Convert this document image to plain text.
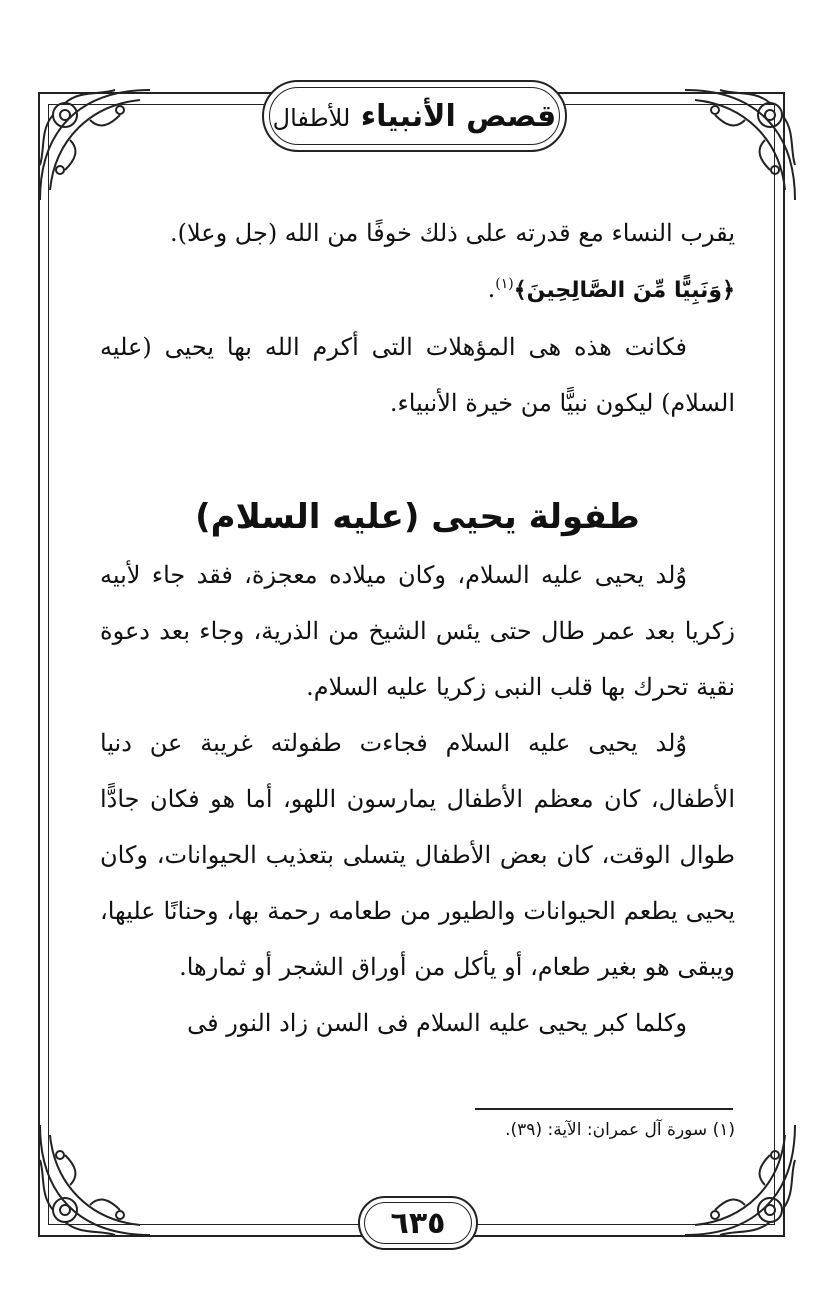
قصص الأنبياء للأطفال

يقرب النساء مع قدرته على ذلك خوفًا من الله (جل وعلا).

﴿وَنَبِيًّا مِّنَ الصَّالِحِينَ﴾$^{(١)}$.

فكانت هذه هى المؤهلات التى أكرم الله بها يحيى (عليه السلام) ليكون نبيًّا من خيرة الأنبياء.

طفولة يحيى (عليه السلام)

وُلد يحيى عليه السلام، وكان ميلاده معجزة، فقد جاء لأبيه زكريا بعد عمر طال حتى يئس الشيخ من الذرية، وجاء بعد دعوة نقية تحرك بها قلب النبى زكريا عليه السلام.

وُلد يحيى عليه السلام فجاءت طفولته غريبة عن دنيا الأطفال، كان معظم الأطفال يمارسون اللهو، أما هو فكان جادًّا طوال الوقت، كان بعض الأطفال يتسلى بتعذيب الحيوانات، وكان يحيى يطعم الحيوانات والطيور من طعامه رحمة بها، وحنانًا عليها، ويبقى هو بغير طعام، أو يأكل من أوراق الشجر أو ثمارها.

وكلما كبر يحيى عليه السلام فى السن زاد النور فى

(١) سورة آل عمران: الآية: (٣٩).
٦٣٥
